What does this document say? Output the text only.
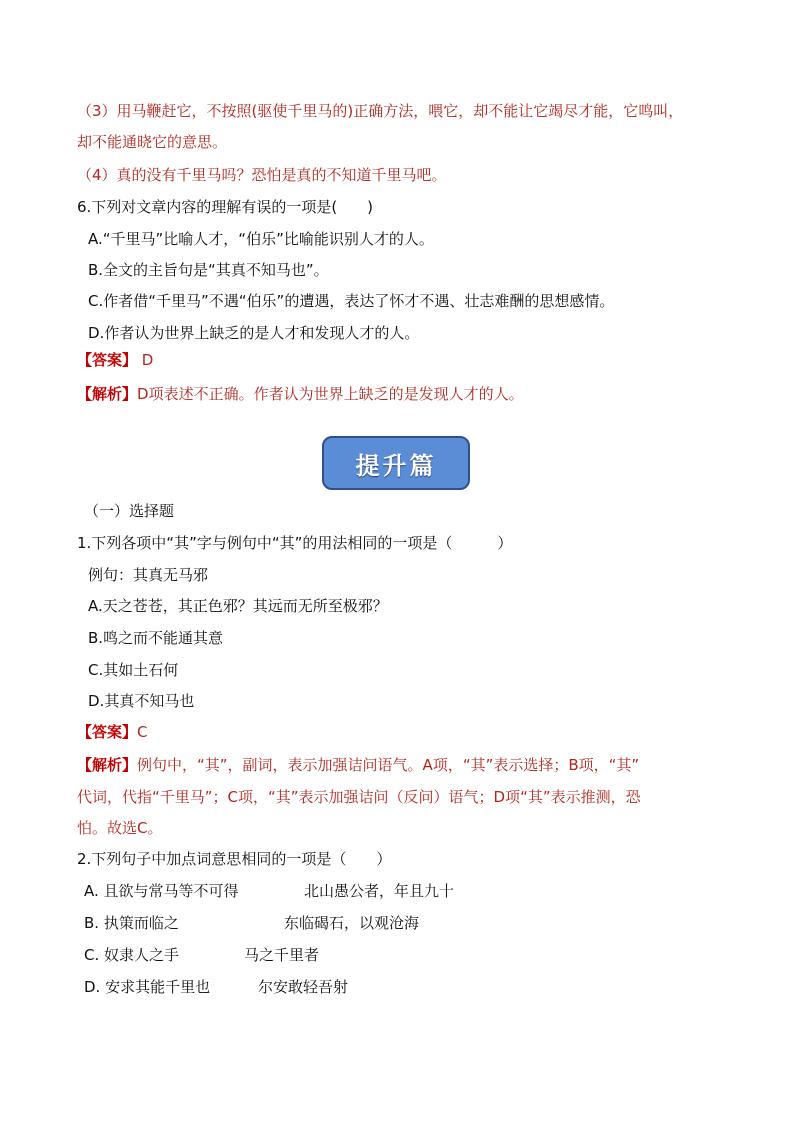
（3）用马鞭赶它，不按照(驱使千里马的)正确方法，喂它，却不能让它竭尽才能，它鸣叫，
却不能通晓它的意思。
（4）真的没有千里马吗？恐怕是真的不知道千里马吧。
6.下列对文章内容的理解有误的一项是(　　)
A.“千里马”比喻人才，“伯乐”比喻能识别人才的人。
B.全文的主旨句是“其真不知马也”。
C.作者借“千里马”不遇“伯乐”的遭遇，表达了怀才不遇、壮志难酬的思想感情。
D.作者认为世界上缺乏的是人才和发现人才的人。
【答案】 D
【解析】D项表述不正确。作者认为世界上缺乏的是发现人才的人。
提升篇
（一）选择题
1.下列各项中“其”字与例句中“其”的用法相同的一项是（　　　）
例句：其真无马邪
A.天之苍苍，其正色邪？其远而无所至极邪？
B.鸣之而不能通其意
C.其如土石何
D.其真不知马也
【答案】C
【解析】例句中，“其”，副词，表示加强诘问语气。A项，“其”表示选择；B项，“其”
代词，代指“千里马”；C项，“其”表示加强诘问（反问）语气；D项“其”表示推测，恐
怕。故选C。
2.下列句子中加点词意思相同的一项是（　　）
A. 且欲与常马等不可得	北山愚公者，年且九十
B. 执策而临之	东临碣石，以观沧海
C. 奴隶人之手	马之千里者
D. 安求其能千里也	尔安敢轻吾射
